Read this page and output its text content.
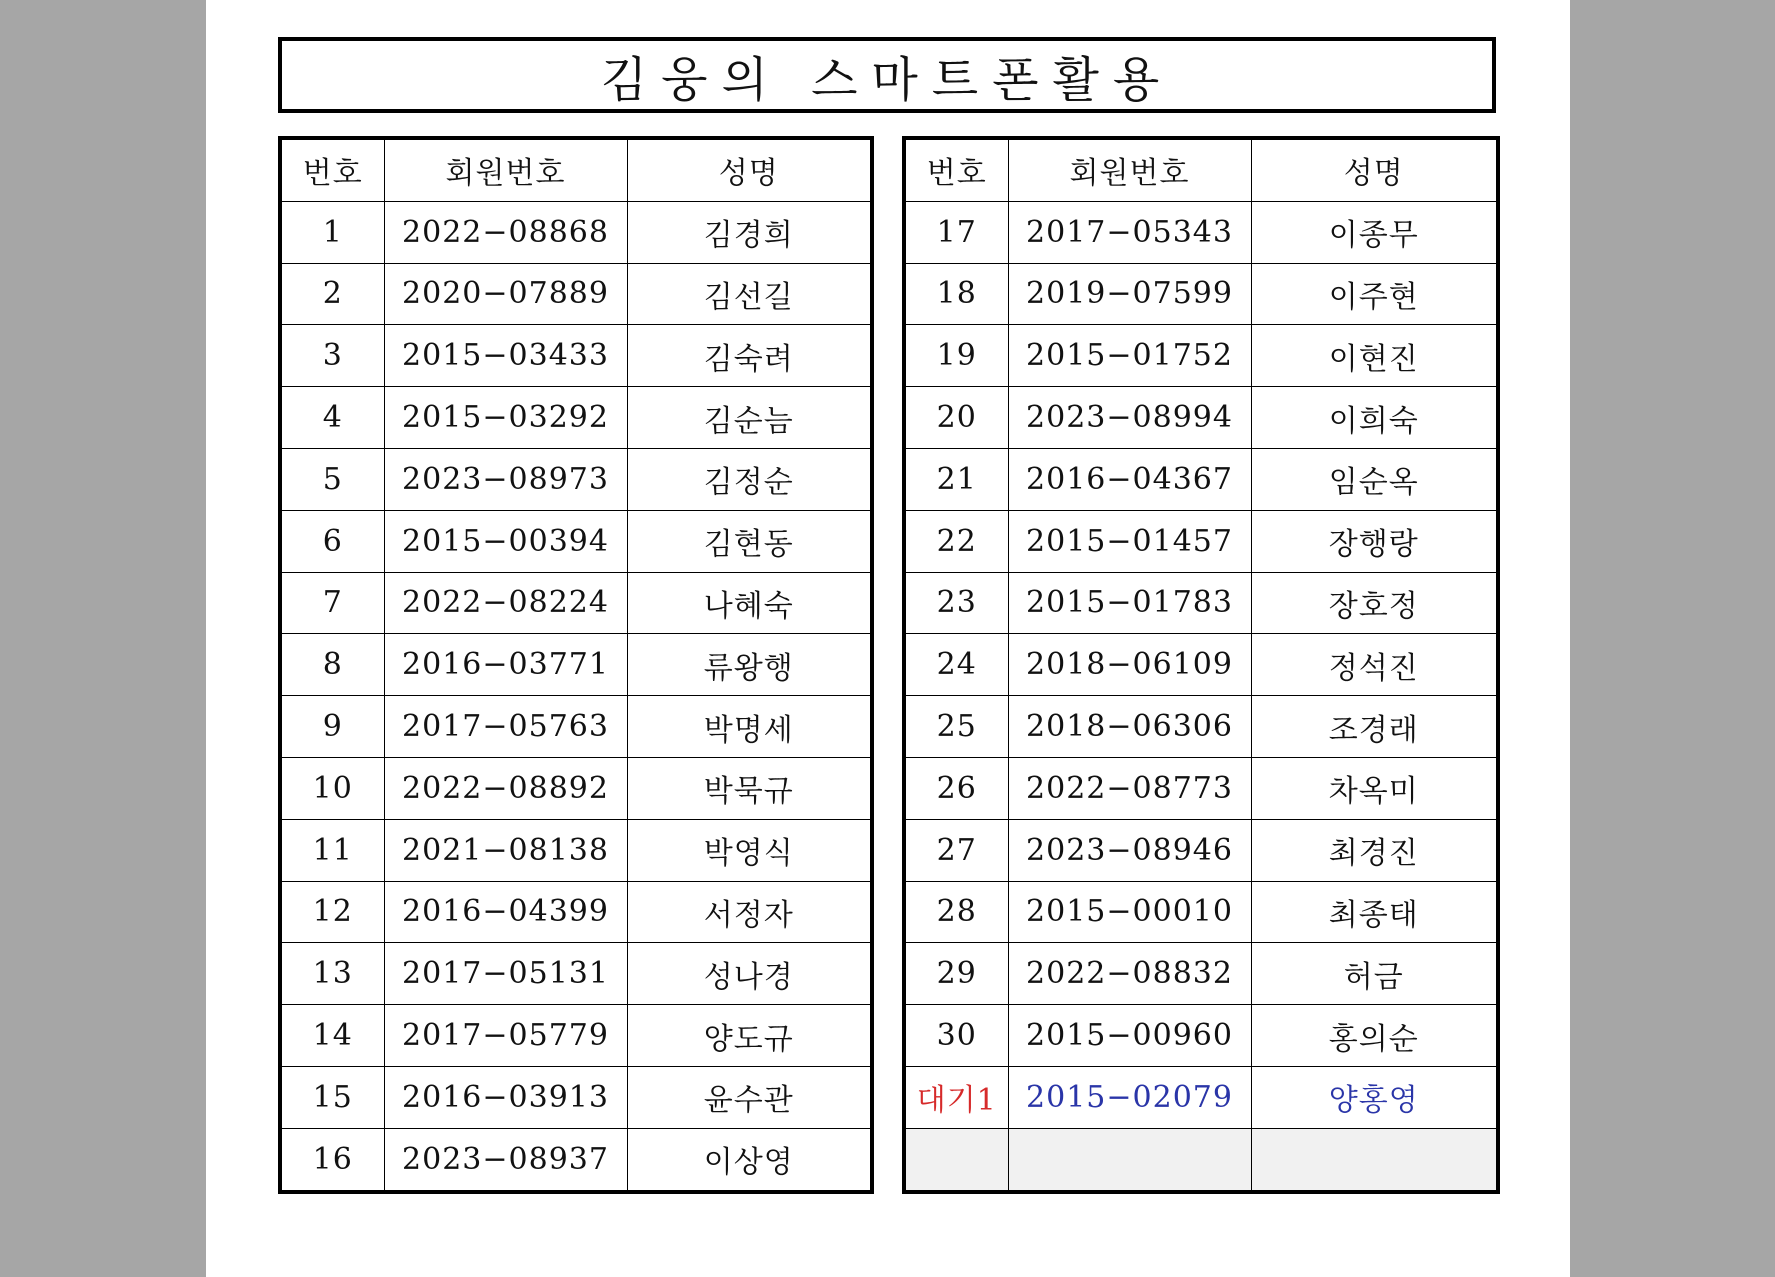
김웅의 스마트폰활용
번호	회원번호	성명
1	2022−08868	김경희
2	2020−07889	김선길
3	2015−03433	김숙려
4	2015−03292	김순늠
5	2023−08973	김정순
6	2015−00394	김현동
7	2022−08224	나혜숙
8	2016−03771	류왕행
9	2017−05763	박명세
10	2022−08892	박묵규
11	2021−08138	박영식
12	2016−04399	서정자
13	2017−05131	성나경
14	2017−05779	양도규
15	2016−03913	윤수관
16	2023−08937	이상영
번호	회원번호	성명
17	2017−05343	이종무
18	2019−07599	이주현
19	2015−01752	이현진
20	2023−08994	이희숙
21	2016−04367	임순옥
22	2015−01457	장행랑
23	2015−01783	장호정
24	2018−06109	정석진
25	2018−06306	조경래
26	2022−08773	차옥미
27	2023−08946	최경진
28	2015−00010	최종태
29	2022−08832	허금
30	2015−00960	홍의순
대기1	2015−02079	양홍영
